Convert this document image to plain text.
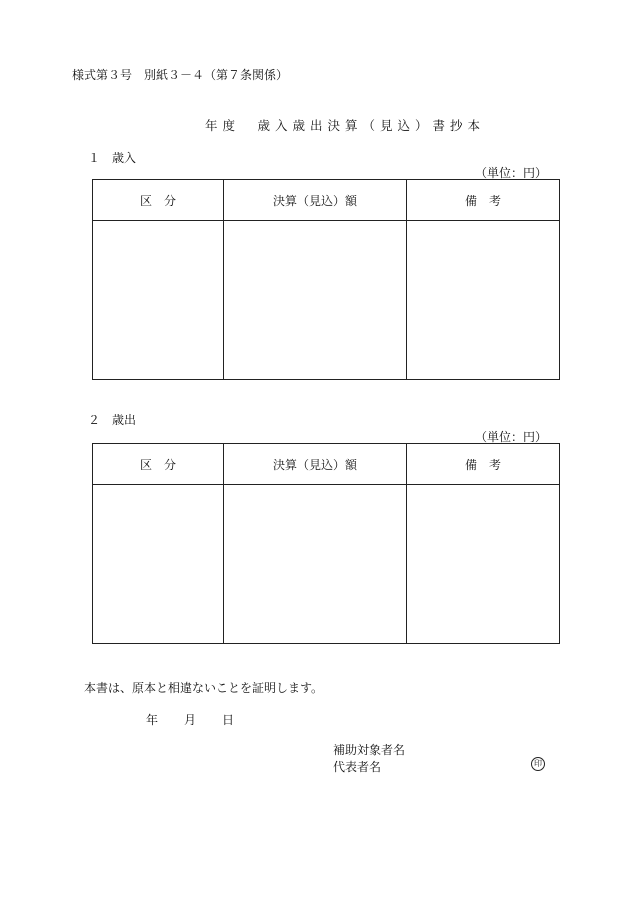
様式第３号　別紙３－４（第７条関係）
年度　歳入歳出決算（見込）書抄本
１　歳入
（単位：円）
区　分	決算（見込）額	備　考

２　歳出
（単位：円）
区　分	決算（見込）額	備　考

本書は、原本と相違ないことを証明します。
年 月 日
補助対象者名
代表者名	印
